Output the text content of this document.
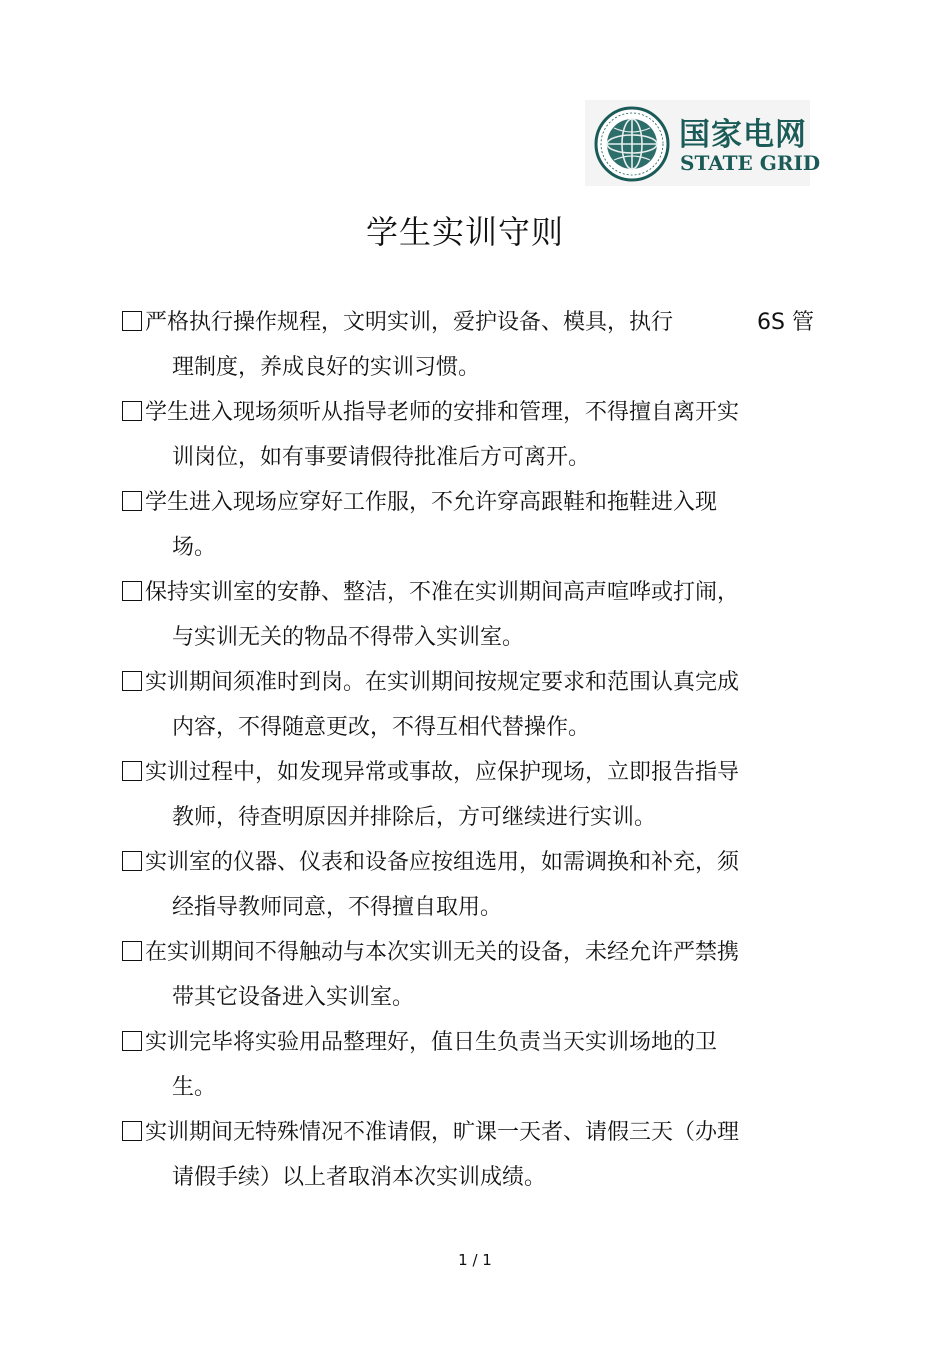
国家电网
STATE GRID
学生实训守则
严格执行操作规程，文明实训，爱护设备、模具，执行	6S 管
理制度，养成良好的实训习惯。
学生进入现场须听从指导老师的安排和管理，不得擅自离开实
训岗位，如有事要请假待批准后方可离开。
学生进入现场应穿好工作服，不允许穿高跟鞋和拖鞋进入现
场。
保持实训室的安静、整洁，不准在实训期间高声喧哗或打闹，
与实训无关的物品不得带入实训室。
实训期间须准时到岗。在实训期间按规定要求和范围认真完成
内容，不得随意更改，不得互相代替操作。
实训过程中，如发现异常或事故，应保护现场，立即报告指导
教师，待查明原因并排除后，方可继续进行实训。
实训室的仪器、仪表和设备应按组选用，如需调换和补充，须
经指导教师同意，不得擅自取用。
在实训期间不得触动与本次实训无关的设备，未经允许严禁携
带其它设备进入实训室。
实训完毕将实验用品整理好，值日生负责当天实训场地的卫
生。
实训期间无特殊情况不准请假，旷课一天者、请假三天（办理
请假手续）以上者取消本次实训成绩。
1 / 1
